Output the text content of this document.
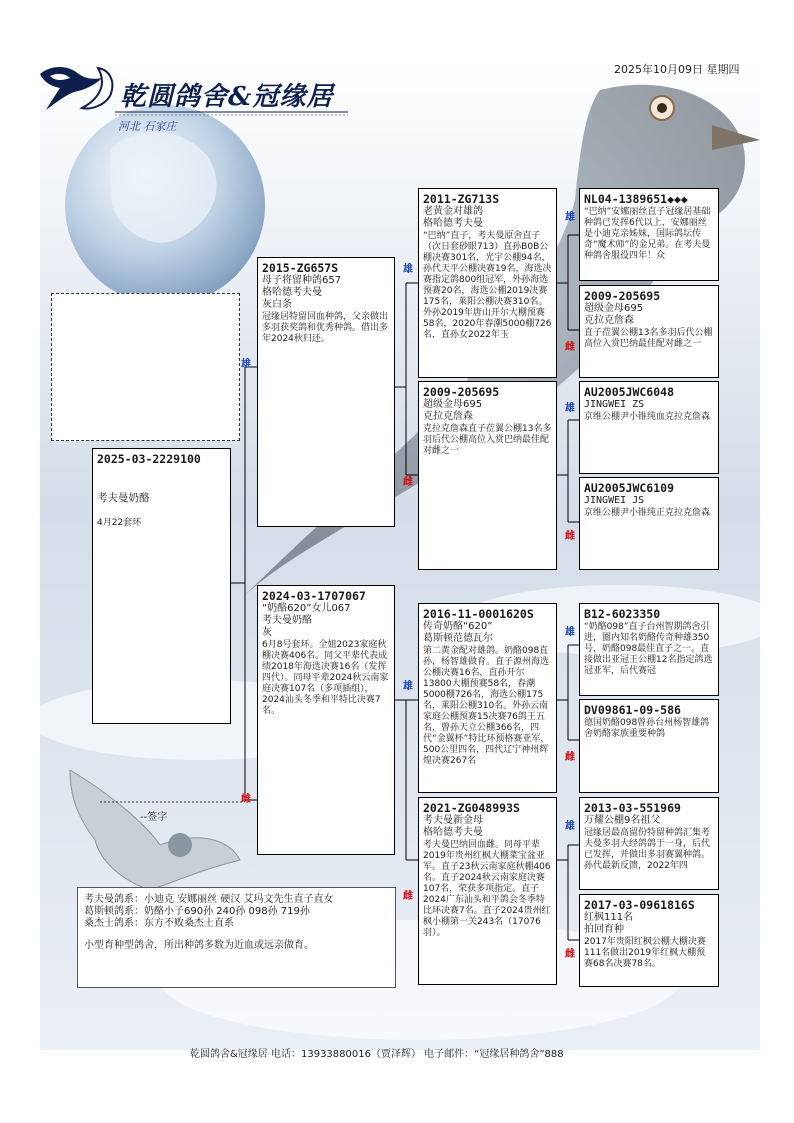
2025年10月09日 星期四
乾圆鸽舍&冠缘居
河北 石家庄
2025-03-2229100
考夫曼奶酪
4月22套环
雄
2015-ZG657S
母子将留种鸽657
格哈德考夫曼
灰白条
冠缘居特留回血种鸽，父亲做出多羽获奖鸽和优秀种鸽。借出多年2024秋归还。
雌
2024-03-1707067
“奶酪620”女儿067
考夫曼奶酪
灰
6月8号套环。全姐2023家庭秋棚决赛406名。同父平辈代表成绩2018年海选决赛16名（发挥四代）。同母平辈2024秋云南家庭决赛107名（多项插组），2024汕头冬季和平特比决赛7名。
雄
2011-ZG713S
老黄金对雄鸽
格哈德考夫曼
“巴纳”直子，考夫曼原舍直子（次日套砂眼713）直孙B0B公棚决赛301名，光宇公棚94名，孙代天平公棚决赛19名，海选决赛指定鸽800组冠军，外孙海选预赛20名，海选公棚2019决赛175名，莱阳公棚决赛310名。外孙2019年唐山开尔大棚预赛58名，2020年春潮5000棚726名，直孙女2022年玉
雌
2009-205695
超级金母695
克拉克詹森
克拉克詹森直子莅翼公棚13名多羽后代公棚高位入赏巴纳最佳配对雌之一
雄
2016-11-0001620S
传奇奶酪“620”
葛斯顿范德瓦尔
第二黄金配对雄鸽。奶酪098直孙，杨智雄做育。直子源州海选公棚决赛16名，直孙开尔13800大棚预赛58名，春潮5000棚726名，海选公棚175名，莱阳公棚310名。外孙云南家庭公棚预赛15决赛76鸽王五名，曾孙天立公棚366名，四代“金翼杯”特比环预格赛亚军，500公里四名，四代辽宁神州辉煌决赛267名
雌
2021-ZG048993S
考夫曼新金母
格哈德考夫曼
考夫曼巴纳回血雌。同母平辈2019年贵州红枫大棚菜宝盆亚军。直子23秋云南家庭秋棚406名。直子2024秋云南家庭决赛107名，荣获多项指定。直子2024广东汕头和平鸽会冬季特比环决赛7名。直子2024贵州红枫小棚第一关243名（17076羽）。
雄
NL04-1389651◆◆◆
“巴纳”安娜丽丝直子冠缘居基础种鸽已发挥6代以上，安娜丽丝是小迪克亲姊妹，国际鸽坛传奇“魔术师”的金兄弟。在考夫曼种鸽舍服役四年！众
雌
2009-205695
超级金母695
克拉克詹森
直子莅翼公棚13名多羽后代公棚高位入赏巴纳最佳配对雌之一
雄
AU2005JWC6048
JINGWEI ZS
京维公棚尹小锥纯血克拉克詹森
雌
AU2005JWC6109
JINGWEI JS
京维公棚尹小锥纯正克拉克詹森
雄
B12-6023350
“奶酪098”直子台州智期鸽舍引进，圈内知名奶酪传奇种雄350号，奶酪098最佳直子之一。直接做出亚冠王公棚12名指定鸽选冠亚军，后代赛冠
雌
DV09861-09-586
德国奶酪098曾孙台州杨智雄鸽舍奶酪家族重要种鸽
雄
2013-03-551969
万耀公棚9名祖父
冠缘居最高留份特留种鸽汇集考夫曼多羽大经鸽鸽于一身，后代已发挥，并做出多羽赛翼种鸽。孙代最新反馈，2022年四
雌
2017-03-0961816S
红枫111名
拍回育种
2017年贵阳红枫公棚大棚决赛111名做出2019年红枫大棚预赛68名决赛78名。
--签字
考夫曼鸽系：小迪克 安娜丽丝 硬汉 艾玛文先生直子直女
葛斯顿鸽系：奶酪小子690孙 240孙 098孙 719孙
桑杰士鸽系：东方不败桑杰士直系
小型育种型鸽舍，所出种鸽多数为近血或远亲做育。
乾圆鸽舍&冠缘居 电话：13933880016（贾泽辉） 电子邮件：“冠缘居种鸽舍”888
